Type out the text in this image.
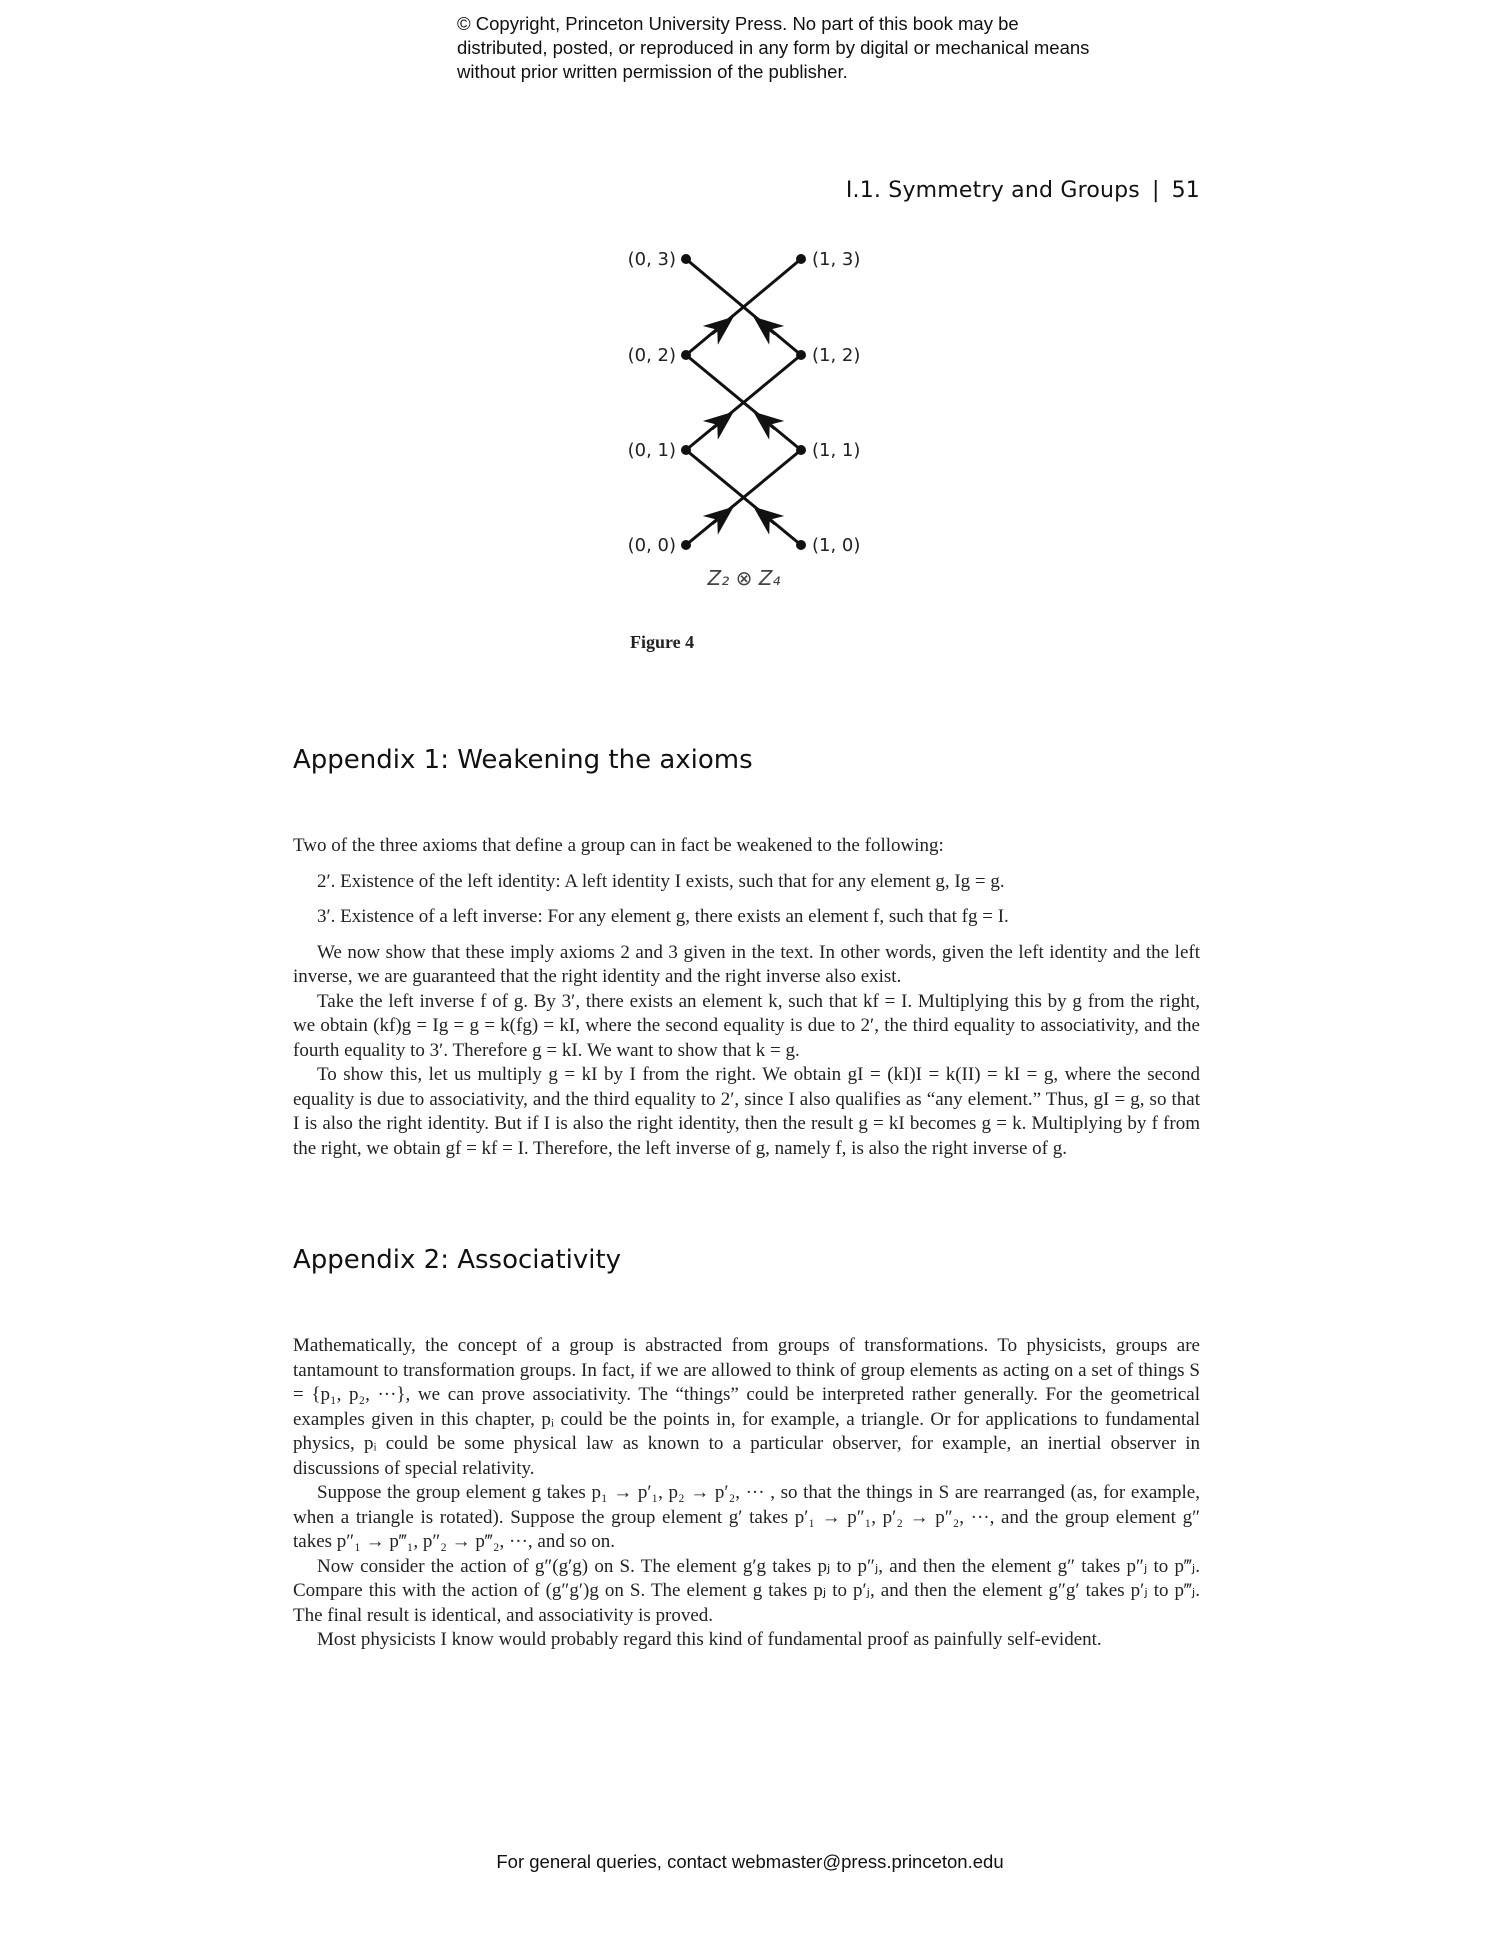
© Copyright, Princeton University Press. No part of this book may be distributed, posted, or reproduced in any form by digital or mechanical means without prior written permission of the publisher.
I.1. Symmetry and Groups | 51
(0, 3)
(0, 2)
(0, 1)
(0, 0)
(1, 3)
(1, 2)
(1, 1)
(1, 0)
Z₂ ⊗ Z₄
Figure 4
Appendix 1: Weakening the axioms

Two of the three axioms that define a group can in fact be weakened to the following:

2′. Existence of the left identity: A left identity I exists, such that for any element g, Ig = g.

3′. Existence of a left inverse: For any element g, there exists an element f, such that fg = I.

We now show that these imply axioms 2 and 3 given in the text. In other words, given the left identity and the left inverse, we are guaranteed that the right identity and the right inverse also exist.

Take the left inverse f of g. By 3′, there exists an element k, such that kf = I. Multiplying this by g from the right, we obtain (kf)g = Ig = g = k(fg) = kI, where the second equality is due to 2′, the third equality to associativity, and the fourth equality to 3′. Therefore g = kI. We want to show that k = g.

To show this, let us multiply g = kI by I from the right. We obtain gI = (kI)I = k(II) = kI = g, where the second equality is due to associativity, and the third equality to 2′, since I also qualifies as “any element.” Thus, gI = g, so that I is also the right identity. But if I is also the right identity, then the result g = kI becomes g = k. Multiplying by f from the right, we obtain gf = kf = I. Therefore, the left inverse of g, namely f, is also the right inverse of g.

Appendix 2: Associativity

Mathematically, the concept of a group is abstracted from groups of transformations. To physicists, groups are tantamount to transformation groups. In fact, if we are allowed to think of group elements as acting on a set of things S = {p₁, p₂, ···}, we can prove associativity. The “things” could be interpreted rather generally. For the geometrical examples given in this chapter, pᵢ could be the points in, for example, a triangle. Or for applications to fundamental physics, pᵢ could be some physical law as known to a particular observer, for example, an inertial observer in discussions of special relativity.

Suppose the group element g takes p₁ → p′₁, p₂ → p′₂, ··· , so that the things in S are rearranged (as, for example, when a triangle is rotated). Suppose the group element g′ takes p′₁ → p″₁, p′₂ → p″₂, ···, and the group element g″ takes p″₁ → p‴₁, p″₂ → p‴₂, ···, and so on.

Now consider the action of g″(g′g) on S. The element g′g takes pⱼ to p″ⱼ, and then the element g″ takes p″ⱼ to p‴ⱼ. Compare this with the action of (g″g′)g on S. The element g takes pⱼ to p′ⱼ, and then the element g″g′ takes p′ⱼ to p‴ⱼ. The final result is identical, and associativity is proved.

Most physicists I know would probably regard this kind of fundamental proof as painfully self-evident.

For general queries, contact webmaster@press.princeton.edu
